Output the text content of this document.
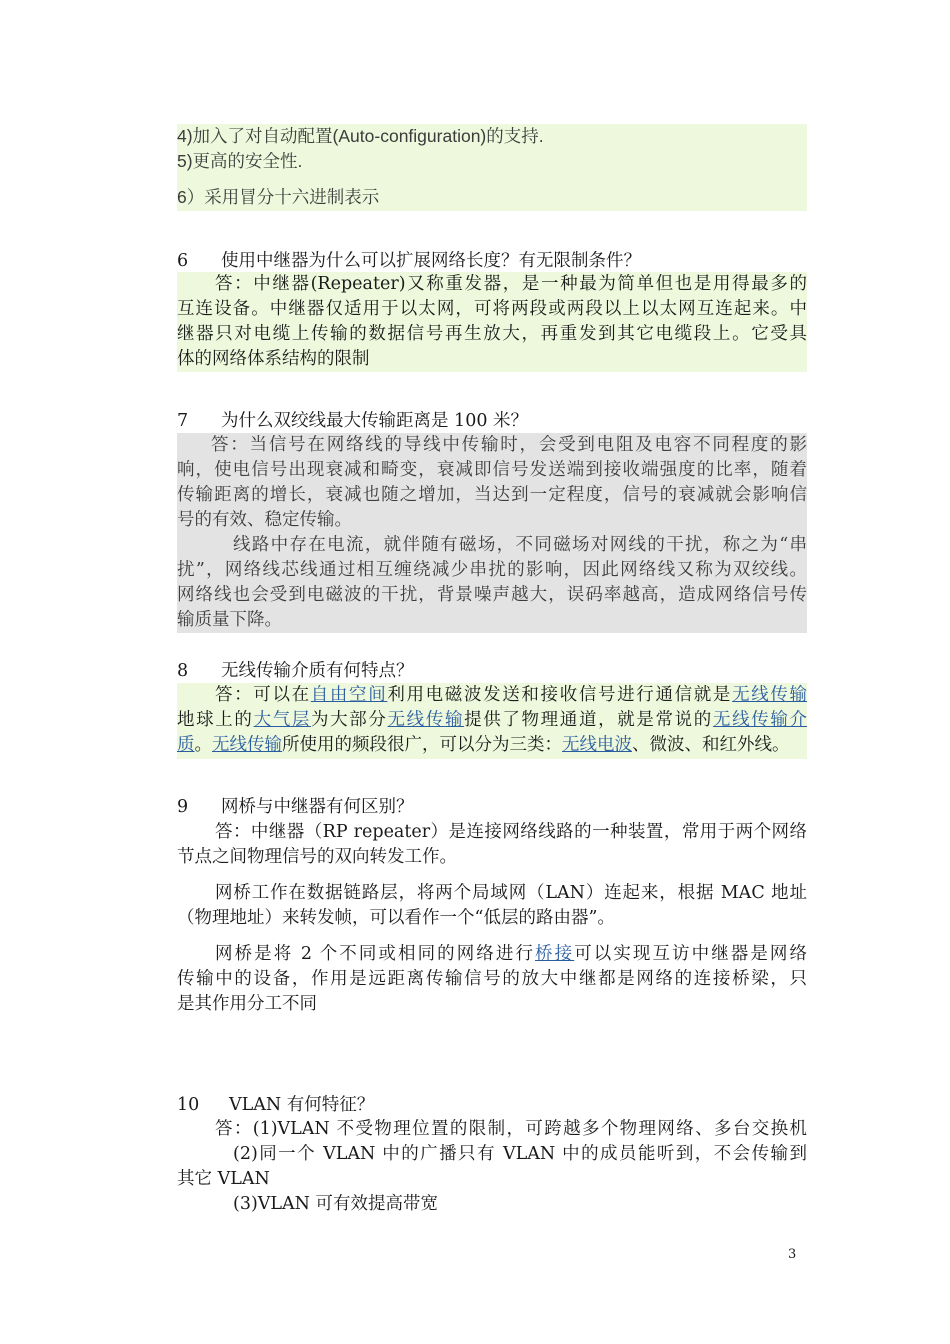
4)加入了对自动配置(Auto-configuration)的支持.
5)更高的安全性.
6）采用冒分十六进制表示
6 使用中继器为什么可以扩展网络长度？有无限制条件？
答：中继器(Repeater)又称重发器，是一种最为简单但也是用得最多的
互连设备。中继器仅适用于以太网，可将两段或两段以上以太网互连起来。中
继器只对电缆上传输的数据信号再生放大，再重发到其它电缆段上。它受具
体的网络体系结构的限制
7 为什么双绞线最大传输距离是 100 米？
答：当信号在网络线的导线中传输时，会受到电阻及电容不同程度的影
响，使电信号出现衰减和畸变，衰减即信号发送端到接收端强度的比率，随着
传输距离的增长，衰减也随之增加，当达到一定程度，信号的衰减就会影响信
号的有效、稳定传输。
线路中存在电流，就伴随有磁场，不同磁场对网线的干扰，称之为“串
扰”，网络线芯线通过相互缠绕减少串扰的影响，因此网络线又称为双绞线。
网络线也会受到电磁波的干扰，背景噪声越大，误码率越高，造成网络信号传
输质量下降。
8 无线传输介质有何特点？
答：可以在自由空间利用电磁波发送和接收信号进行通信就是无线传输
地球上的大气层为大部分无线传输提供了物理通道，就是常说的无线传输介
质。无线传输所使用的频段很广，可以分为三类：无线电波、微波、和红外线。
9 网桥与中继器有何区别？
答：中继器（RP repeater）是连接网络线路的一种装置，常用于两个网络
节点之间物理信号的双向转发工作。
网桥工作在数据链路层，将两个局域网（LAN）连起来，根据 MAC 地址
（物理地址）来转发帧，可以看作一个“低层的路由器”。
网桥是将 2 个不同或相同的网络进行桥接可以实现互访中继器是网络
传输中的设备，作用是远距离传输信号的放大中继都是网络的连接桥梁，只
是其作用分工不同
10 VLAN 有何特征？
答：(1)VLAN 不受物理位置的限制，可跨越多个物理网络、多台交换机
(2)同一个 VLAN 中的广播只有 VLAN 中的成员能听到，不会传输到
其它 VLAN
(3)VLAN 可有效提高带宽
3
